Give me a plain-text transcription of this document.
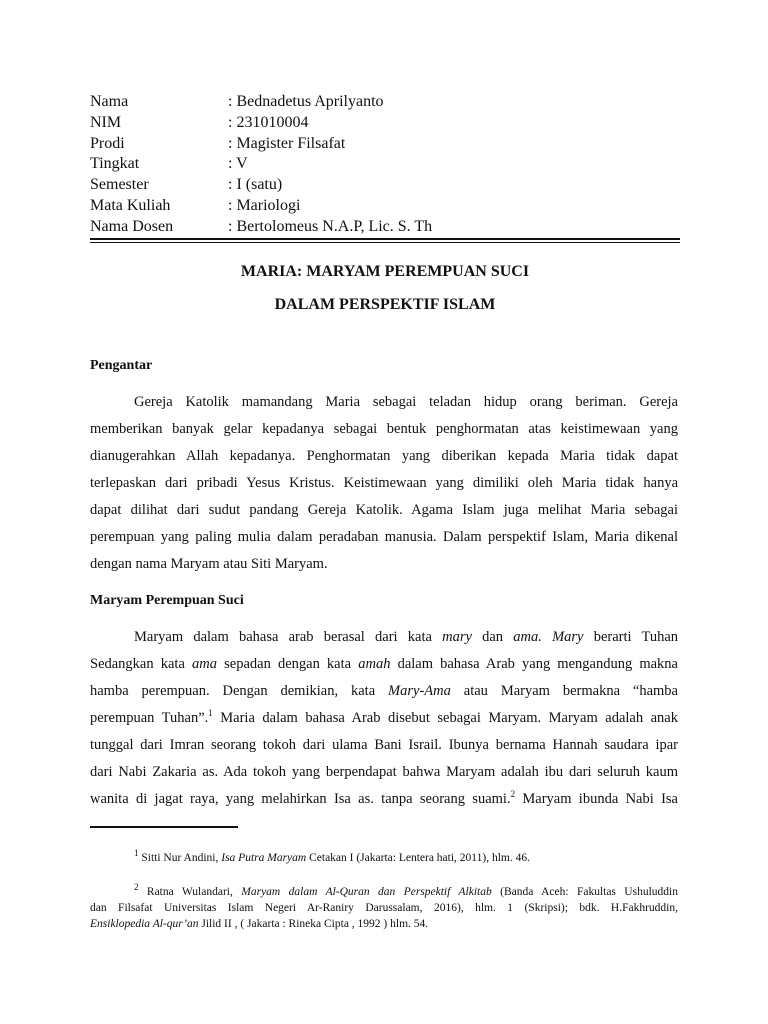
Nama	: Bednadetus Aprilyanto
NIM	: 231010004
Prodi	: Magister Filsafat
Tingkat	: V
Semester	: I (satu)
Mata Kuliah	: Mariologi
Nama Dosen	: Bertolomeus N.A.P, Lic. S. Th
MARIA: MARYAM PEREMPUAN SUCI
DALAM PERSPEKTIF ISLAM
Pengantar
Gereja Katolik mamandang Maria sebagai teladan hidup orang beriman. Gereja
memberikan banyak gelar kepadanya sebagai bentuk penghormatan atas keistimewaan yang
dianugerahkan Allah kepadanya. Penghormatan yang diberikan kepada Maria tidak dapat
terlepaskan dari pribadi Yesus Kristus. Keistimewaan yang dimiliki oleh Maria tidak hanya
dapat dilihat dari sudut pandang Gereja Katolik. Agama Islam juga melihat Maria sebagai
perempuan yang paling mulia dalam peradaban manusia. Dalam perspektif Islam, Maria dikenal
dengan nama Maryam atau Siti Maryam.
Maryam Perempuan Suci
Maryam dalam bahasa arab berasal dari kata mary dan ama. Mary berarti Tuhan
Sedangkan kata ama sepadan dengan kata amah dalam bahasa Arab yang mengandung makna
hamba perempuan. Dengan demikian, kata Mary-Ama atau Maryam bermakna “hamba
perempuan Tuhan”.$^1$ Maria dalam bahasa Arab disebut sebagai Maryam. Maryam adalah anak
tunggal dari Imran seorang tokoh dari ulama Bani Israil. Ibunya bernama Hannah saudara ipar
dari Nabi Zakaria as. Ada tokoh yang berpendapat bahwa Maryam adalah ibu dari seluruh kaum
wanita di jagat raya, yang melahirkan Isa as. tanpa seorang suami.$^2$ Maryam ibunda Nabi Isa
$^1$ Sitti Nur Andini, Isa Putra Maryam Cetakan I (Jakarta: Lentera hati, 2011), hlm. 46.
$^2$ Ratna Wulandari, Maryam dalam Al-Quran dan Perspektif Alkitab (Banda Aceh: Fakultas Ushuluddin
dan Filsafat Universitas Islam Negeri Ar-Raniry Darussalam, 2016), hlm. 1 (Skripsi); bdk. H.Fakhruddin,
Ensiklopedia Al-qur’an Jilid II , ( Jakarta : Rineka Cipta , 1992 ) hlm. 54.
